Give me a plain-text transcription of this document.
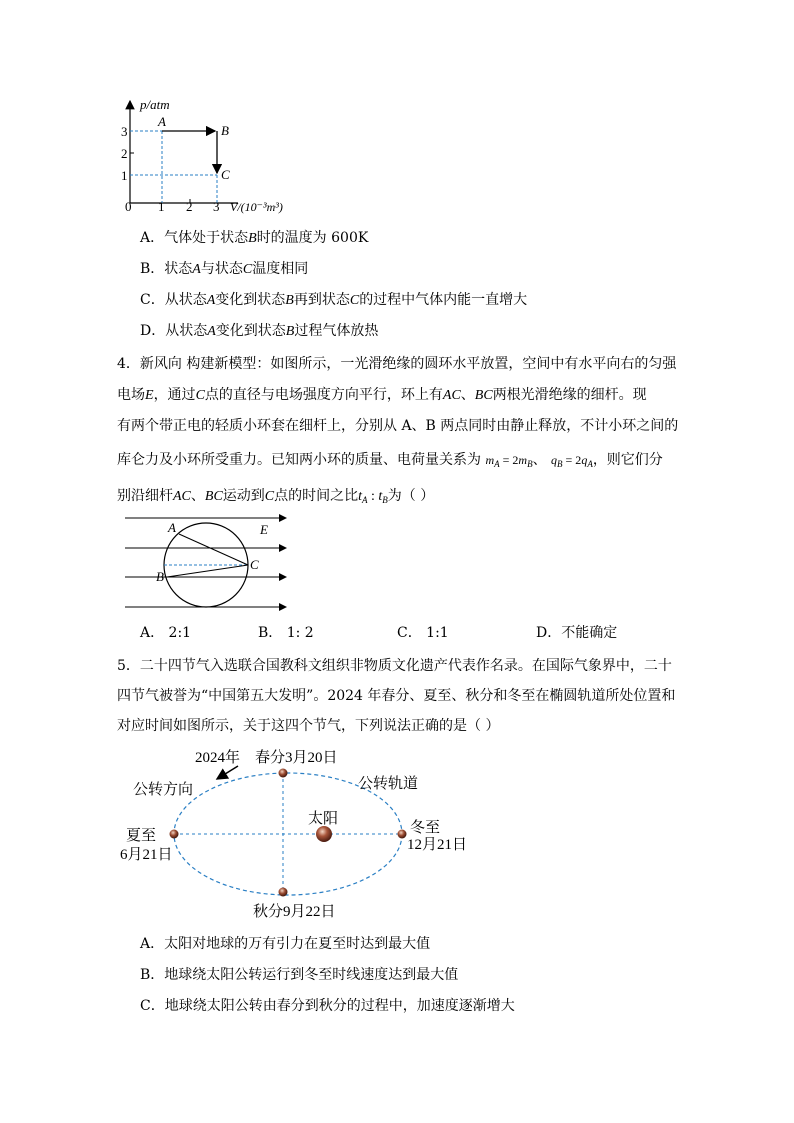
p/atm
3
2
1
0 1 2 3 V/(10⁻³m³)
A
B
C
A．气体处于状态B时的温度为 600K
B．状态A与状态C温度相同
C．从状态A变化到状态B再到状态C的过程中气体内能一直增大
D．从状态A变化到状态B过程气体放热
4．新风向 构建新模型：如图所示，一光滑绝缘的圆环水平放置，空间中有水平向右的匀强
电场E，通过C点的直径与电场强度方向平行，环上有AC、BC两根光滑绝缘的细杆。现
有两个带正电的轻质小环套在细杆上，分别从 A、B 两点同时由静止释放，不计小环之间的
库仑力及小环所受重力。已知两小环的质量、电荷量关系为 $m_A = 2m_B$、 $q_B = 2q_A$，则它们分
别沿细杆AC、BC运动到C点的时间之比$t_A$ : $t_B$为（ ）
A
B
C
E
A． 2:1	B． 1: 2	C． 1:1	D．不能确定
5．二十四节气入选联合国教科文组织非物质文化遗产代表作名录。在国际气象界中，二十
四节气被誉为“中国第五大发明”。2024 年春分、夏至、秋分和冬至在椭圆轨道所处位置和
对应时间如图所示，关于这四个节气，下列说法正确的是（ ）
2024年 春分3月20日
公转轨道
公转方向
太阳
夏至
6月21日
冬至
12月21日
秋分9月22日
A．太阳对地球的万有引力在夏至时达到最大值
B．地球绕太阳公转运行到冬至时线速度达到最大值
C．地球绕太阳公转由春分到秋分的过程中，加速度逐渐增大
